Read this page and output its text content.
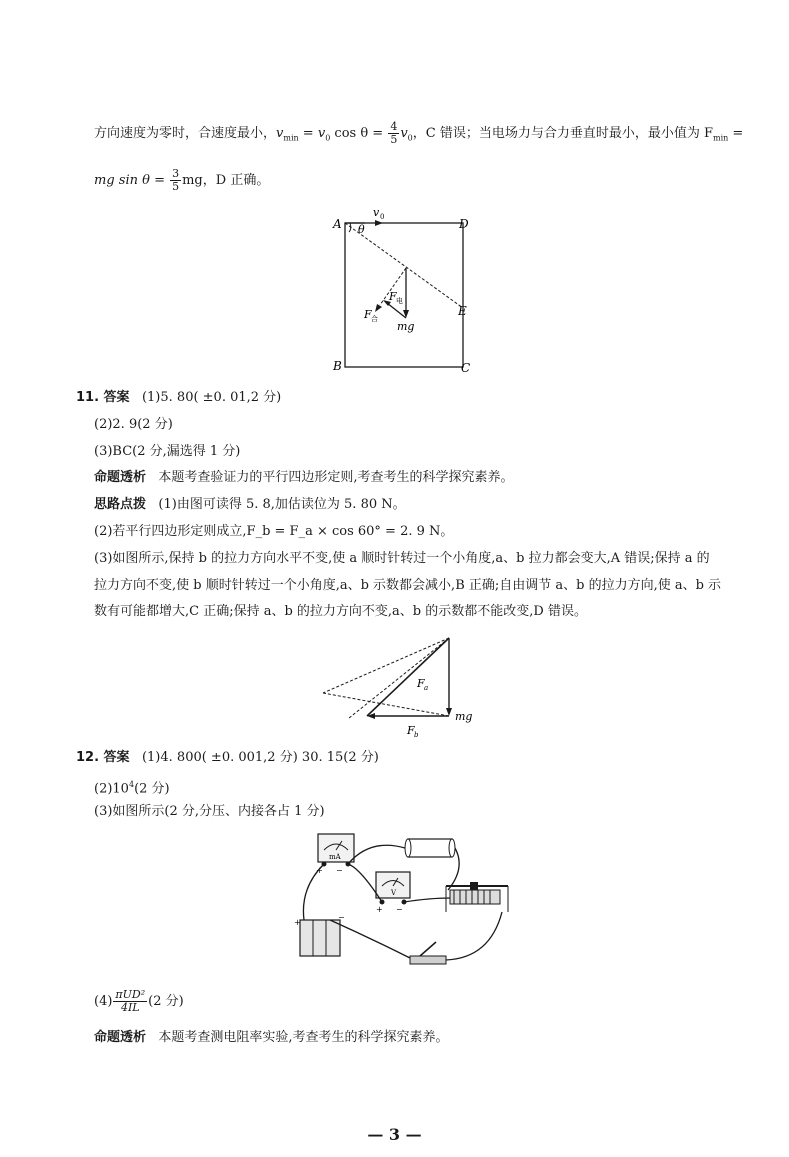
方向速度为零时，合速度最小，$v_{min} = v_0$ $\cos \theta = \frac{4}{5} v_0$，C 错误；当电场力与合力垂直时最小，最小值为 $F_{min}$ =
mg $\sin \theta = \frac{3}{5}$ mg，D 正确。
A
B	C
D
E
v 0
θ
F 电
F 合
mg
11. 答案 (1)5. 80( ±0. 01,2 分)
(2)2. 9(2 分)
(3)BC(2 分,漏选得 1 分)
命题透析 本题考查验证力的平行四边形定则,考查考生的科学探究素养。
思路点拨 (1)由图可读得 5. 8,加估读位为 5. 80 N。
(2)若平行四边形定则成立,F_b = F_a × cos 60° = 2. 9 N。
(3)如图所示,保持 b 的拉力方向水平不变,使 a 顺时针转过一个小角度,a、b 拉力都会变大,A 错误;保持 a 的
拉力方向不变,使 b 顺时针转过一个小角度,a、b 示数都会减小,B 正确;自由调节 a、b 的拉力方向,使 a、b 示
数有可能都增大,C 正确;保持 a、b 的拉力方向不变,a、b 的示数都不能改变,D 错误。
F a
F b
mg
12. 答案 (1)4. 800( ±0. 001,2 分) 30. 15(2 分)
$(2)10^4(2$ 分)
(3)如图所示(2 分,分压、内接各占 1 分)
mA
+ −
V
+ −
+
−
$(4) \frac{\text{πUD²}}{4IL} (2$ 分)
命题透析 本题考查测电阻率实验,考查考生的科学探究素养。
— 3 —
